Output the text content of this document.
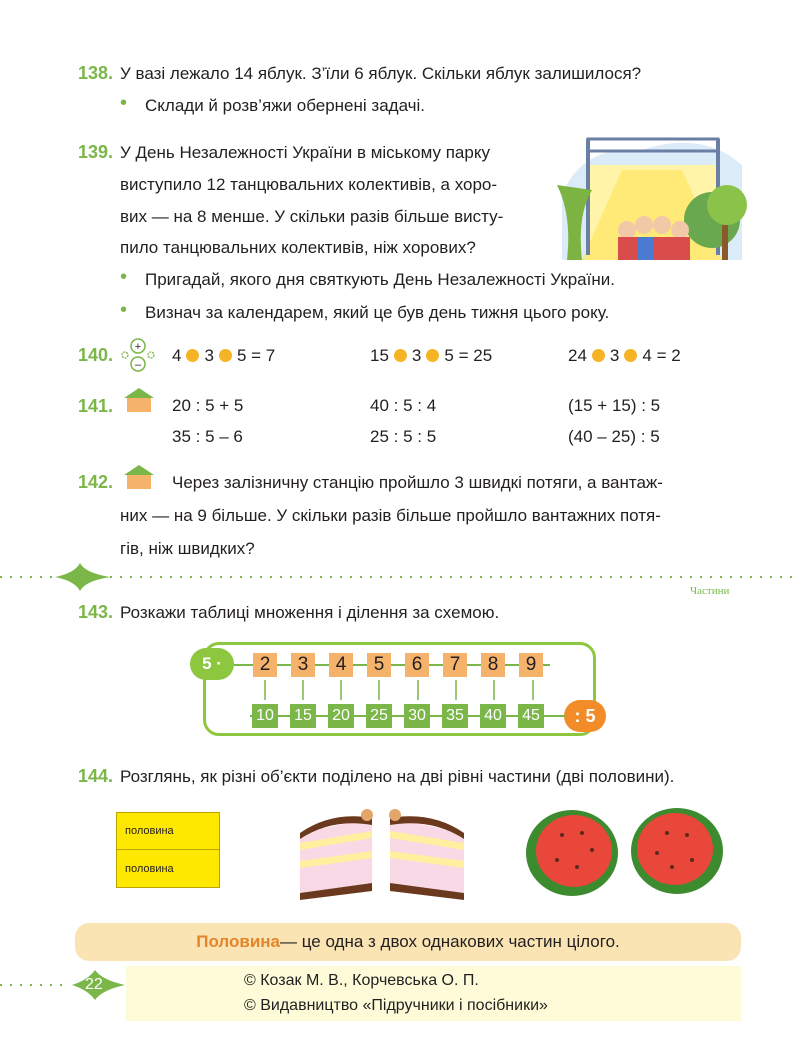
138. У вазі лежало 14 яблук. З’їли 6 яблук. Скільки яблук залишилося?
• Склади й розв’яжи обернені задачі.
139. У День Незалежності України в міському парку
виступило 12 танцювальних колективів, а хоро-
вих — на 8 менше. У скільки разів більше висту-
пило танцювальних колективів, ніж хорових?
• Пригадай, якого дня святкують День Незалежності України.
• Визнач за календарем, який це був день тижня цього року.
140. +
– 4 3 5 = 7	15 3 5 = 25	24 3 4 = 2
141.	20 : 5 + 5	40 : 5 : 4	(15 + 15) : 5
35 : 5 – 6	25 : 5 : 5	(40 – 25) : 5
142.	Через залізничну станцію пройшло 3 швидкі потяги, а вантаж-
них — на 9 більше. У скільки разів більше пройшло вантажних потя-
гів, ніж швидких?
Частини
143. Розкажи таблиці множення і ділення за схемою.
5 ·
: 5
2	3	4	5	6	7	8	9
10 15 20 25 30 35 40 45
144. Розглянь, як різні об’єкти поділено на дві рівні частини (дві половини).
половина
половина
Половина — це одна з двох однакових частин цілого.
22	© Козак М. В., Корчевська О. П.
© Видавництво «Підручники і посібники»
